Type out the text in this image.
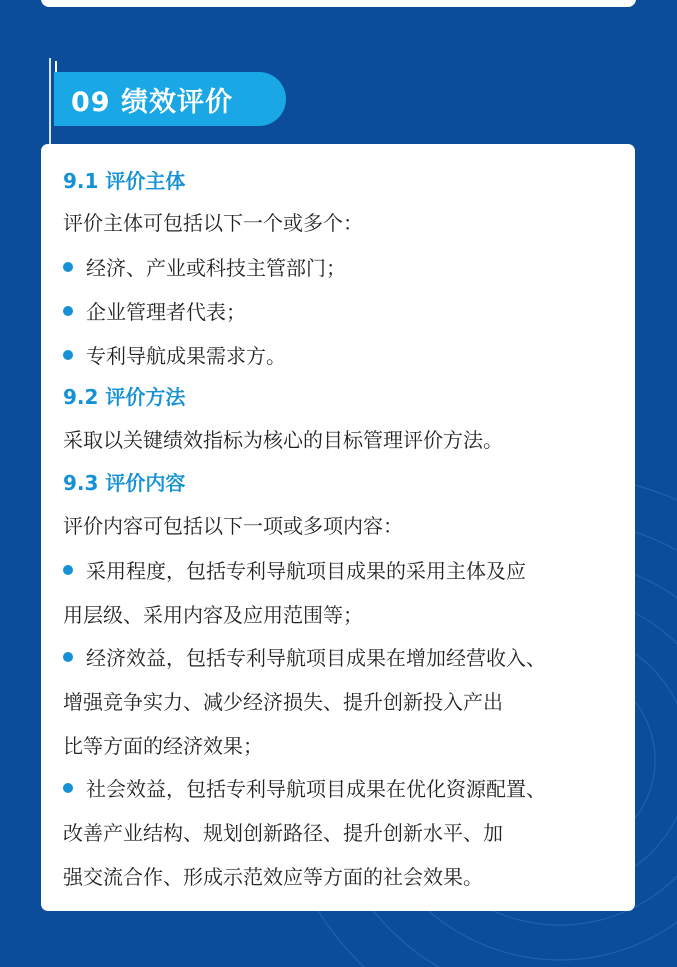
09 绩效评价

9.1 评价主体

评价主体可包括以下一个或多个：

经济、产业或科技主管部门；

企业管理者代表；

专利导航成果需求方。

9.2 评价方法

采取以关键绩效指标为核心的目标管理评价方法。

9.3 评价内容

评价内容可包括以下一项或多项内容：

采用程度，包括专利导航项目成果的采用主体及应

用层级、采用内容及应用范围等；

经济效益，包括专利导航项目成果在增加经营收入、

增强竞争实力、减少经济损失、提升创新投入产出

比等方面的经济效果；

社会效益，包括专利导航项目成果在优化资源配置、

改善产业结构、规划创新路径、提升创新水平、加

强交流合作、形成示范效应等方面的社会效果。
